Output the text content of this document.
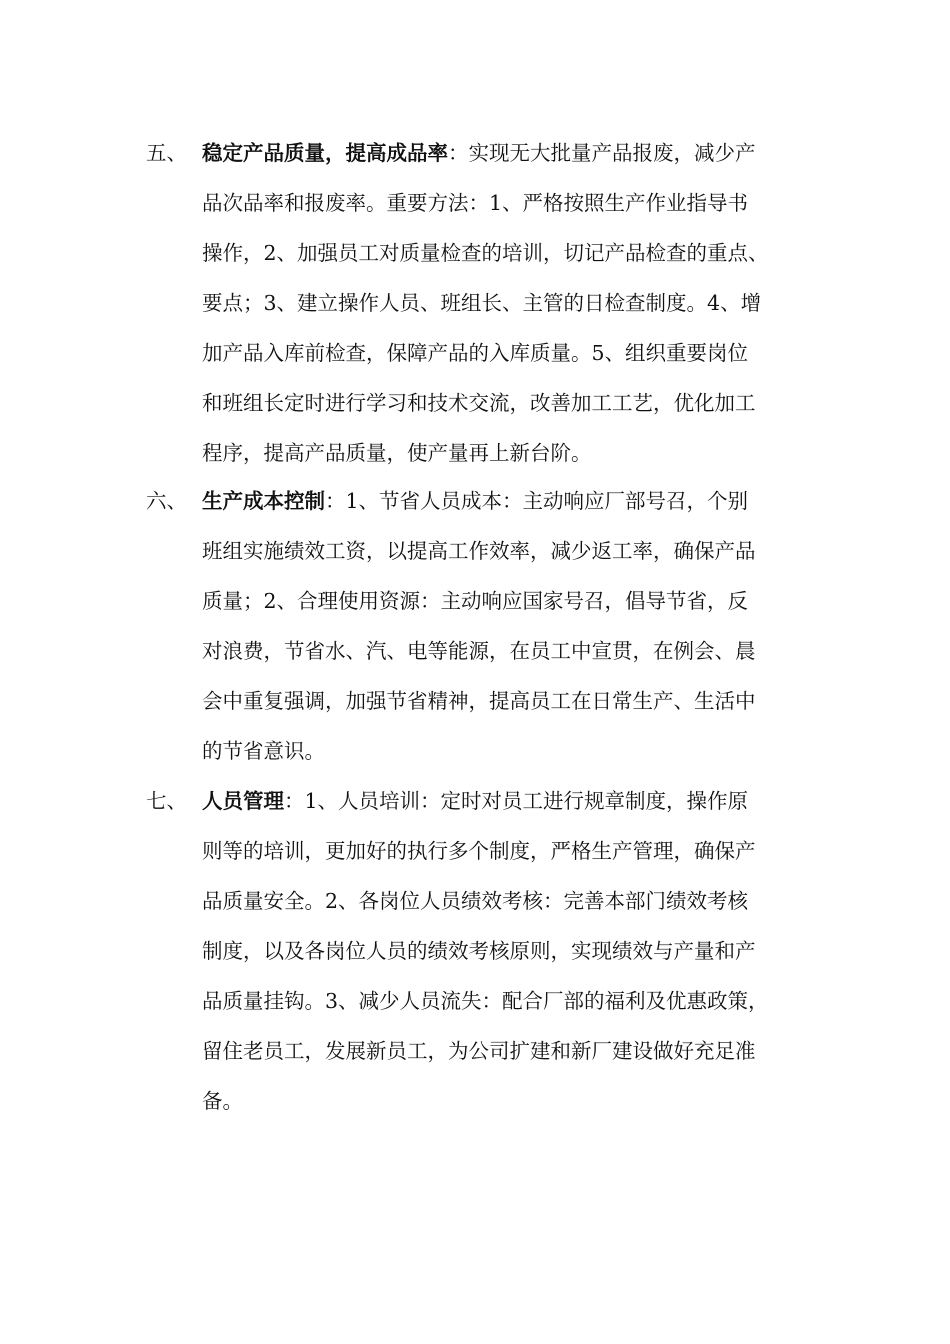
五、 稳定产品质量，提高成品率：实现无大批量产品报废，减少产
品次品率和报废率。重要方法：1、严格按照生产作业指导书
操作，2、加强员工对质量检查的培训，切记产品检查的重点、
要点；3、建立操作人员、班组长、主管的日检查制度。4、增
加产品入库前检查，保障产品的入库质量。5、组织重要岗位
和班组长定时进行学习和技术交流，改善加工工艺，优化加工
程序，提高产品质量，使产量再上新台阶。
六、 生产成本控制：1、节省人员成本：主动响应厂部号召，个别
班组实施绩效工资，以提高工作效率，减少返工率，确保产品
质量；2、合理使用资源：主动响应国家号召，倡导节省，反
对浪费，节省水、汽、电等能源，在员工中宣贯，在例会、晨
会中重复强调，加强节省精神，提高员工在日常生产、生活中
的节省意识。
七、 人员管理：1、人员培训：定时对员工进行规章制度，操作原
则等的培训，更加好的执行多个制度，严格生产管理，确保产
品质量安全。2、各岗位人员绩效考核：完善本部门绩效考核
制度，以及各岗位人员的绩效考核原则，实现绩效与产量和产
品质量挂钩。3、减少人员流失：配合厂部的福利及优惠政策，
留住老员工，发展新员工，为公司扩建和新厂建设做好充足准
备。
